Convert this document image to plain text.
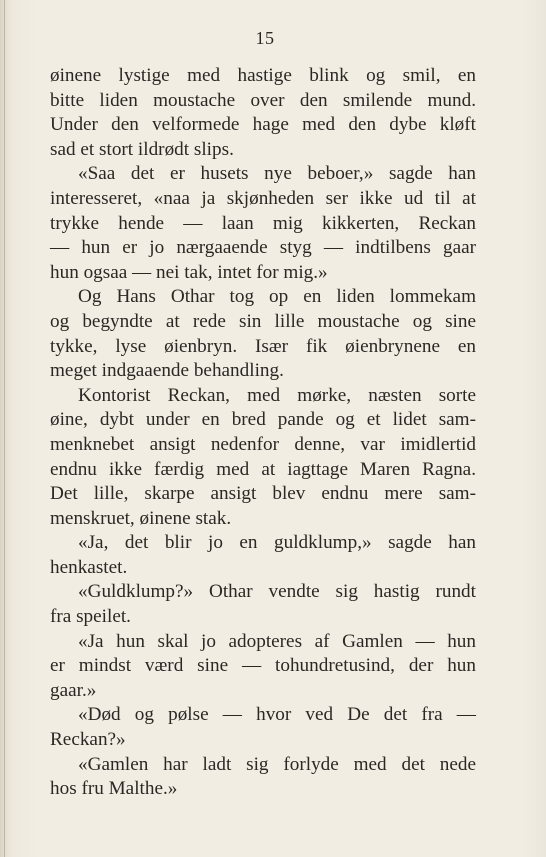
15
øinene lystige med hastige blink og smil, en
bitte liden moustache over den smilende mund.
Under den velformede hage med den dybe kløft
sad et stort ildrødt slips.
«Saa det er husets nye beboer,» sagde han
interesseret, «naa ja skjønheden ser ikke ud til at
trykke hende — laan mig kikkerten, Reckan
— hun er jo nærgaaende styg — indtilbens gaar
hun ogsaa — nei tak, intet for mig.»
Og Hans Othar tog op en liden lommekam
og begyndte at rede sin lille moustache og sine
tykke, lyse øienbryn. Især fik øienbrynene en
meget indgaaende behandling.
Kontorist Reckan, med mørke, næsten sorte
øine, dybt under en bred pande og et lidet sam-
menknebet ansigt nedenfor denne, var imidlertid
endnu ikke færdig med at iagttage Maren Ragna.
Det lille, skarpe ansigt blev endnu mere sam-
menskruet, øinene stak.
«Ja, det blir jo en guldklump,» sagde han
henkastet.
«Guldklump?» Othar vendte sig hastig rundt
fra speilet.
«Ja hun skal jo adopteres af Gamlen — hun
er mindst værd sine — tohundretusind, der hun
gaar.»
«Død og pølse — hvor ved De det fra —
Reckan?»
«Gamlen har ladt sig forlyde med det nede
hos fru Malthe.»
